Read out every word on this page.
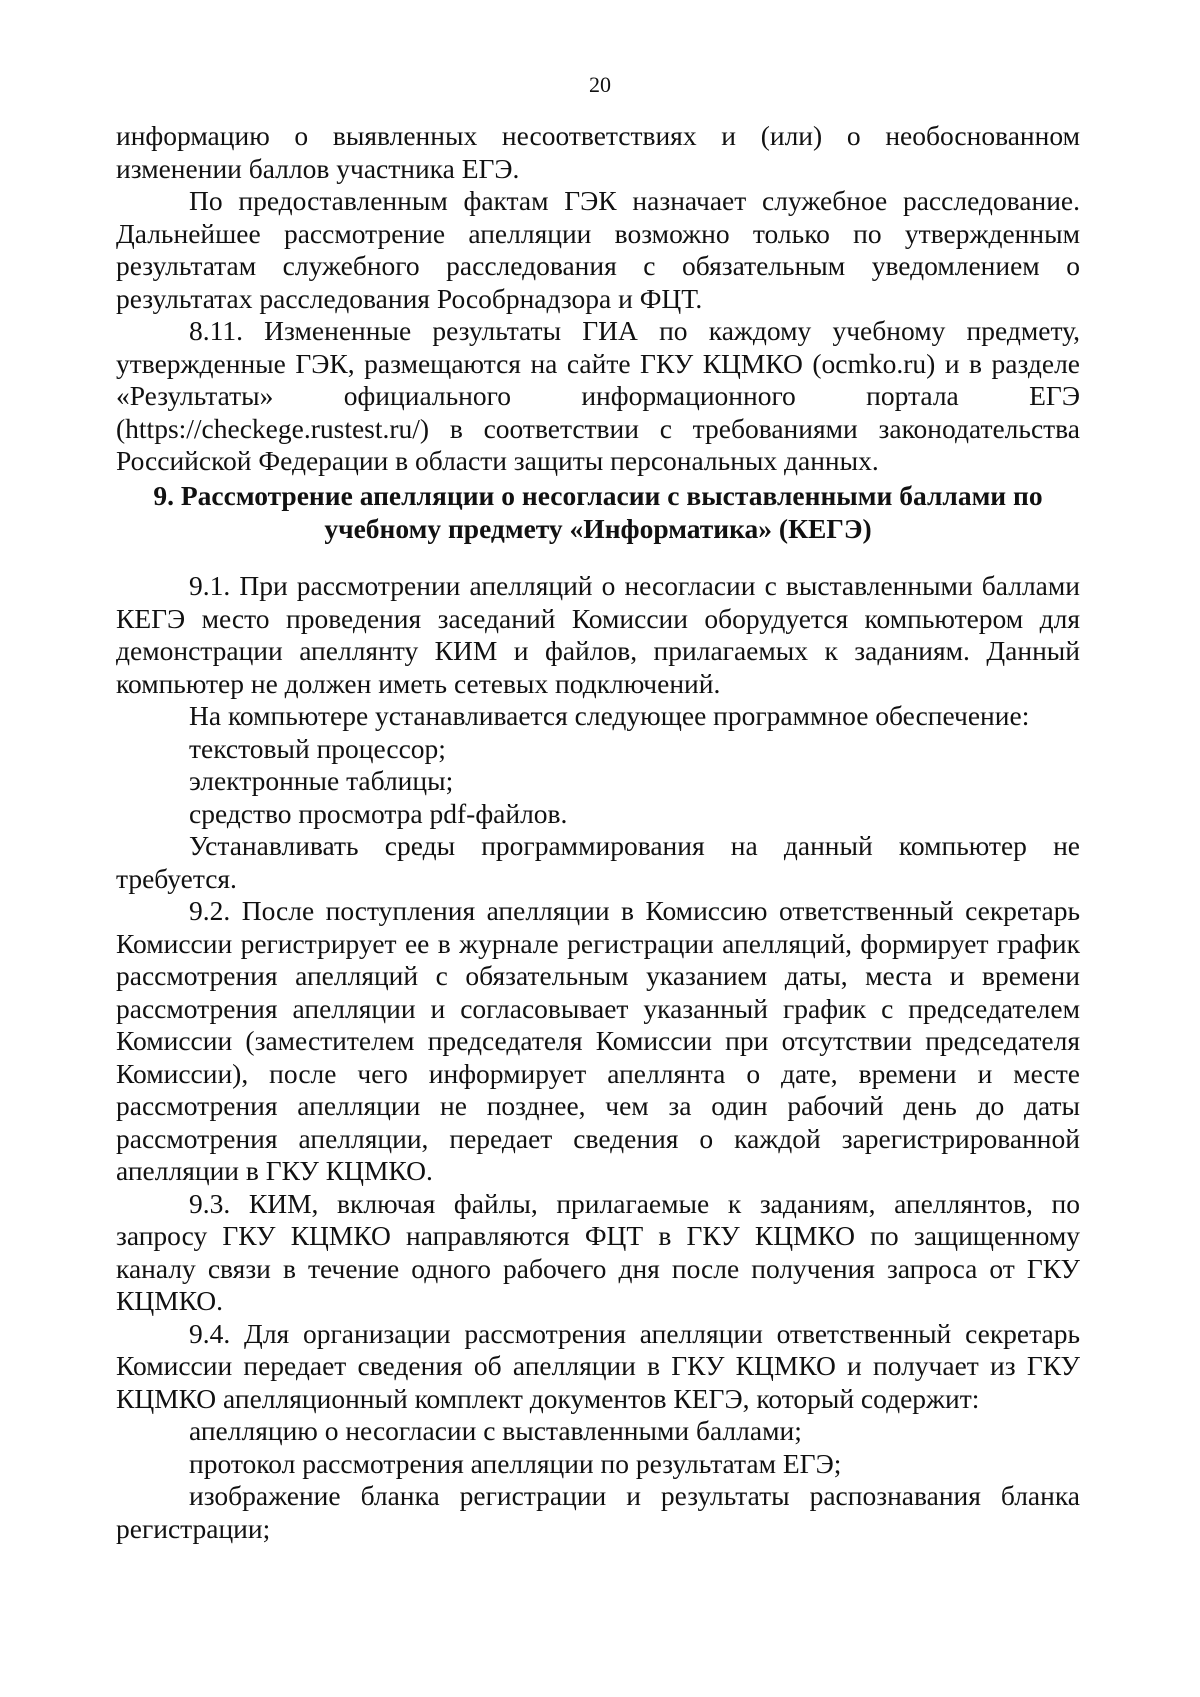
20

информацию о выявленных несоответствиях и (или) о необоснованном изменении баллов участника ЕГЭ.

По предоставленным фактам ГЭК назначает служебное расследование. Дальнейшее рассмотрение апелляции возможно только по утвержденным результатам служебного расследования с обязательным уведомлением о результатах расследования Рособрнадзора и ФЦТ.

8.11. Измененные результаты ГИА по каждому учебному предмету, утвержденные ГЭК, размещаются на сайте ГКУ КЦМКО (ocmko.ru) и в разделе «Результаты» официального информационного портала ЕГЭ (https://checkege.rustest.ru/) в соответствии с требованиями законодательства Российской Федерации в области защиты персональных данных.

9. Рассмотрение апелляции о несогласии с выставленными баллами по
учебному предмету «Информатика» (КЕГЭ)

9.1. При рассмотрении апелляций о несогласии с выставленными баллами КЕГЭ место проведения заседаний Комиссии оборудуется компьютером для демонстрации апеллянту КИМ и файлов, прилагаемых к заданиям. Данный компьютер не должен иметь сетевых подключений.

На компьютере устанавливается следующее программное обеспечение:

текстовый процессор;

электронные таблицы;

средство просмотра pdf-файлов.

Устанавливать среды программирования на данный компьютер не требуется.

9.2. После поступления апелляции в Комиссию ответственный секретарь Комиссии регистрирует ее в журнале регистрации апелляций, формирует график рассмотрения апелляций с обязательным указанием даты, места и времени рассмотрения апелляции и согласовывает указанный график с председателем Комиссии (заместителем председателя Комиссии при отсутствии председателя Комиссии), после чего информирует апеллянта о дате, времени и месте рассмотрения апелляции не позднее, чем за один рабочий день до даты рассмотрения апелляции, передает сведения о каждой зарегистрированной апелляции в ГКУ КЦМКО.

9.3. КИМ, включая файлы, прилагаемые к заданиям, апеллянтов, по запросу ГКУ КЦМКО направляются ФЦТ в ГКУ КЦМКО по защищенному каналу связи в течение одного рабочего дня после получения запроса от ГКУ КЦМКО.

9.4. Для организации рассмотрения апелляции ответственный секретарь Комиссии передает сведения об апелляции в ГКУ КЦМКО и получает из ГКУ КЦМКО апелляционный комплект документов КЕГЭ, который содержит:

апелляцию о несогласии с выставленными баллами;

протокол рассмотрения апелляции по результатам ЕГЭ;

изображение бланка регистрации и результаты распознавания бланка регистрации;
